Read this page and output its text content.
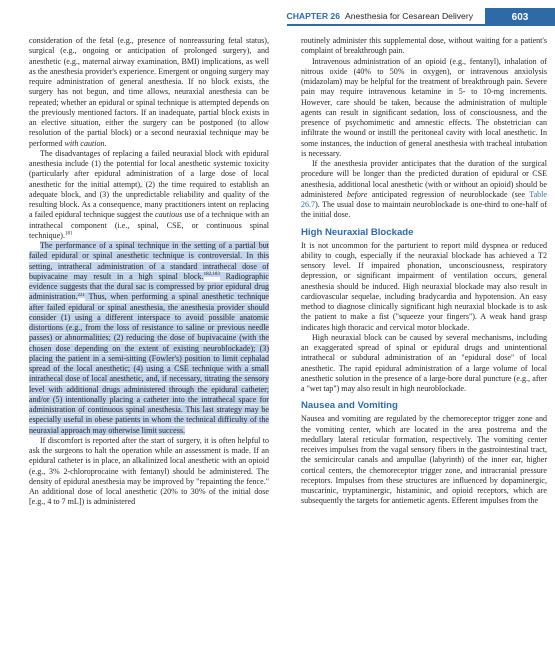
CHAPTER 26 Anesthesia for Cesarean Delivery	603

consideration of the fetal (e.g., presence of nonreassuring fetal status), surgical (e.g., ongoing or anticipation of prolonged surgery), and anesthetic (e.g., maternal airway examination, BMI) implications, as well as the anesthesia provider's experience. Emergent or ongoing surgery may require administration of general anesthesia. If no block exists, the surgery has not begun, and time allows, neuraxial anesthesia can be repeated; whether an epidural or spinal technique is attempted depends on the previously mentioned factors. If an inadequate, partial block exists in an elective situation, either the surgery can be postponed (to allow resolution of the partial block) or a second neuraxial technique may be performed with caution.

The disadvantages of replacing a failed neuraxial block with epidural anesthesia include (1) the potential for local anesthetic systemic toxicity (particularly after epidural administration of a large dose of local anesthetic for the initial attempt), (2) the time required to establish an adequate block, and (3) the unpredictable reliability and quality of the resulting block. As a consequence, many practitioners intent on replacing a failed epidural technique suggest the cautious use of a technique with an intrathecal component (i.e., spinal, CSE, or continuous spinal technique).$^{181}$

The performance of a spinal technique in the setting of a partial but failed epidural or spinal anesthetic technique is controversial. In this setting, intrathecal administration of a standard intrathecal dose of bupivacaine may result in a high spinal block.$^{182,183}$ Radiographic evidence suggests that the dural sac is compressed by prior epidural drug administration.$^{221}$ Thus, when performing a spinal anesthetic technique after failed epidural or spinal anesthesia, the anesthesia provider should consider (1) using a different interspace to avoid possible anatomic distortions (e.g., from the loss of resistance to saline or previous needle passes) or abnormalities; (2) reducing the dose of bupivacaine (with the chosen dose depending on the extent of existing neuroblockade); (3) placing the patient in a semi-sitting (Fowler's) position to limit cephalad spread of the local anesthetic; (4) using a CSE technique with a small intrathecal dose of local anesthetic, and, if necessary, titrating the sensory level with additional drugs administered through the epidural catheter; and/or (5) intentionally placing a catheter into the intrathecal space for administration of continuous spinal anesthesia. This last strategy may be especially useful in obese patients in whom the technical difficulty of the neuraxial approach may otherwise limit success.

If discomfort is reported after the start of surgery, it is often helpful to ask the surgeons to halt the operation while an assessment is made. If an epidural catheter is in place, an alkalinized local anesthetic with an opioid (e.g., 3% 2-chloroprocaine with fentanyl) should be administered. The density of epidural anesthesia may be improved by "repainting the fence." An additional dose of local anesthetic (20% to 30% of the initial dose [e.g., 4 to 7 mL]) is administered

routinely administer this supplemental dose, without waiting for a patient's complaint of breakthrough pain.

Intravenous administration of an opioid (e.g., fentanyl), inhalation of nitrous oxide (40% to 50% in oxygen), or intravenous anxiolysis (midazolam) may be helpful for the treatment of breakthrough pain. Severe pain may require intravenous ketamine in 5- to 10-mg increments. However, care should be taken, because the administration of multiple agents can result in significant sedation, loss of consciousness, and the presence of psychomimetic and amnestic effects. The obstetrician can infiltrate the wound or instill the peritoneal cavity with local anesthetic. In some instances, the induction of general anesthesia with tracheal intubation is necessary.

If the anesthesia provider anticipates that the duration of the surgical procedure will be longer than the predicted duration of epidural or CSE anesthesia, additional local anesthetic (with or without an opioid) should be administered before anticipated regression of neuroblockade (see Table 26.7). The usual dose to maintain neuroblockade is one-third to one-half of the initial dose.

High Neuraxial Blockade

It is not uncommon for the parturient to report mild dyspnea or reduced ability to cough, especially if the neuraxial blockade has achieved a T2 sensory level. If impaired phonation, unconsciousness, respiratory depression, or significant impairment of ventilation occurs, general anesthesia should be induced. High neuraxial blockade may also result in cardiovascular sequelae, including bradycardia and hypotension. An easy method to diagnose clinically significant high neuraxial blockade is to ask the patient to make a fist ("squeeze your fingers"). A weak hand grasp indicates high thoracic and cervical motor blockade.

High neuraxial block can be caused by several mechanisms, including an exaggerated spread of spinal or epidural drugs and unintentional intrathecal or subdural administration of an "epidural dose" of local anesthetic. The rapid epidural administration of a large volume of local anesthetic solution in the presence of a large-bore dural puncture (e.g., after a "wet tap") may also result in high neuroblockade.

Nausea and Vomiting

Nausea and vomiting are regulated by the chemoreceptor trigger zone and the vomiting center, which are located in the area postrema and the medullary lateral reticular formation, respectively. The vomiting center receives impulses from the vagal sensory fibers in the gastrointestinal tract, the semicircular canals and ampullae (labyrinth) of the inner ear, higher cortical centers, the chemoreceptor trigger zone, and intracranial pressure receptors. Impulses from these structures are influenced by dopaminergic, muscarinic, tryptaminergic, histaminic, and opioid receptors, which are subsequently the targets for antiemetic agents. Efferent impulses from the
